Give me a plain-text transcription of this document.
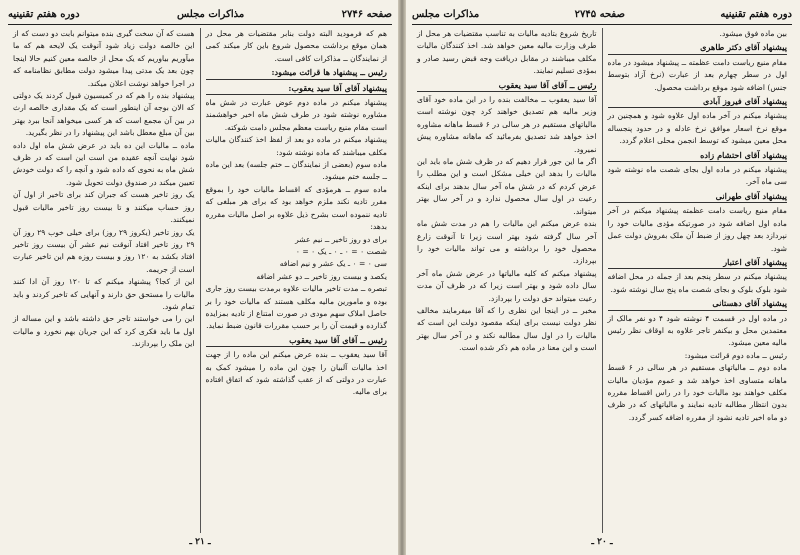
صفحه ۲۷۴۶
مذاکرات مجلس
دوره هفتم تقنینیه

هم که فرمودید البته دولت بنابر مقتضیات هر محل در همان موقع برداشت محصول شروع باین کار میکند کمی از نمایندگان ــ مذاکرات کافی است.

رئیس ــ پیشنهاد ها قرائت میشود:
پیشنهاد آقای آقا سید یعقوب:

پیشنهاد میکنم در ماده دوم عوض عبارت در شش ماه مشاوره نوشته شود در طرف شش ماه اخیر خواهشمند است مقام منیع ریاست معظم مجلس دامت شوکته.

پیشنهاد میکنم در ماده دو بعد از لفظ اخذ کنندگان مالیات مکلف میباشند که ماده نوشته شود:

ماده سوم (بعضی از نمایندگان ــ ختم جلسه) بعد این ماده ــ جلسه ختم میشود.

ماده سوم ــ هرمؤدی که اقساط مالیات خود را بموقع مقرر تادیه نکند ملزم خواهد بود که برای هر مبلغی که تادیه ننموده است بشرح ذیل علاوه بر اصل مالیات مقرره بدهد:

برای دو روز تاخیر ــ نیم عشر

شصت ۰ = ۰ ـ ۰ ـ یک ۰ = ۰

سی ۰ = ۰ ـ یک عشر و نیم اضافه

یکصد و بیست روز تاخیر ــ دو عشر اضافه

تبصره ــ مدت تاخیر مالیات علاوه برمدت بیست روز جاری بوده و مامورین مالیه مکلف هستند که مالیات خود را بر حاصل املاک سهم مودی در صورت امتناع از تادیه بمزایده گذارده و قیمت آن را بر حسب مقررات قانون ضبط نماید.

رئیس ــ آقای آقا سید یعقوب

آقا سید یعقوب ــ بنده عرض میکنم این ماده را از جهت اخذ مالیات آلبیان را چون این ماده را میشود کمک به عبارت در دولتی که از عقب گذاشته شود که اتفاق افتاده برای مالیه.

هست که آن سخت گیری بنده میتوانم بابت دو دست که از این خالصه دولت زیاد شود آنوقت یک لایحه هم که ما میآوریم بیاوریم که یک محل از خالصه معین کنیم حالا اینجا چون بعد یک مدتی پیدا میشود دولت مطابق نظامنامه که در اجرا خواهد نوشت اعلان میکند.

پیشنهاد بنده را هم که در کمیسیون قبول کردند یک دولتی که الان بوجه آن اینطور است که یک مقداری خالصه ارث در بین آن مجمع است که هر کسی میخواهد آنجا ببرد بهتر بین آن مبلغ معطل باشد این پیشنهاد را در نظر بگیرید.

ماده ــ مالیات این ده باید در عرض شش ماه اول داده شود نهایت آنچه عقیده من است این است که در ظرف شش ماه به نحوی که داده شود و آنچه را که دولت خودش تعیین میکند در صندوق دولت تحویل شود.

یک روز تاخیر هست که جبران کند برای تاخیر از اول آن روز حساب میکنند و تا بیست روز تاخیر مالیات قبول نمیکنند.

یک روز تاخیر (یکروز ۲۹ روز) برای خیلی خوب ۲۹ روز آن ۲۹ روز تاخیر افتاد آنوقت نیم عشر آن بیست روز تاخیر افتاد بکشد به ۱۲۰ روز و بیست روزه هم این تاخیر عبارت است از جریمه.

این از کجا؟ پیشنهاد میکنم که تا ۱۲۰ روز آن ادا کنند مالیات را مستحق حق دارند و آنهایی که تاخیر کردند و باید تمام شود.

این را می خواستند تاجر حق داشته باشد و این مساله از اول ما باید فکری کرد که این جریان بهم نخورد و مالیات این ملک را بپردازند.

ـ ۲۱ ـ
دوره هفتم تقنینیه
صفحه ۲۷۴۵
مذاکرات مجلس

بین ماده فوق میشود.

پیشنهاد آقای دکتر طاهری

مقام منیع ریاست دامت عظمته ــ پیشنهاد میشود در ماده اول در سطر چهارم بعد از عبارت (نرخ آزاد بتوسط جنس) اضافه شود موقع برداشت محصول.

پیشنهاد آقای فیروز آبادی

پیشنهاد میکنم در آخر ماده اول علاوه شود و همچنین در موقع نرخ اسعار موافق نرخ عادله و در حدود پنجساله محل معین میشود که توسط انجمن محلی اعلام گردد.

پیشنهاد آقای احتشام زاده

پیشنهاد میکنم در ماده اول بجای شصت ماه نوشته شود سی ماه آخر.

پیشنهاد آقای طهرانی

مقام منیع ریاست دامت عظمته پیشنهاد میکنم در آخر ماده اول اضافه شود در صورتیکه مؤدی مالیات خود را نپردازد بعد چهل روز از ضبط آن ملک بفروش دولت عمل شود.

پیشنهاد آقای اعتبار

پیشنهاد میکنم در سطر پنجم بعد از جمله در محل اضافه شود بلوک بلوک و بجای شصت ماه پنج سال نوشته شود.

پیشنهاد آقای دهستانی

در ماده اول در قسمت ۴ نوشته شود ۴ دو نفر مالک از معتمدین محل و بیکنفر تاجر علاوه به اوقاف نظر رئیس مالیه معین میشود.

رئیس ــ ماده دوم قرائت میشود:

ماده دوم ــ مالیاتهای مستقیم در هر سالی در ۶ قسط ماهانه متساوی اخذ خواهد شد و عموم مؤدیان مالیات مکلف خواهند بود مالیات خود را در راس اقساط مقرره بدون انتظار مطالبه تادیه نمایند و مالیاتهای که در ظرف دو ماه اخیر تادیه نشود از مقرره اضافه کسر گردد.

تاریخ شروع بتادیه مالیات به تناسب مقتضیات هر محل از طرف وزارت مالیه معین خواهد شد. اخذ کنندگان مالیات مکلف میباشند در مقابل دریافت وجه قبض رسید صادر و بمؤدی تسلیم نمایند.

رئیس ــ آقای آقا سید یعقوب

آقا سید یعقوب ــ مخالفت بنده را در این ماده خود آقای وزیر مالیه هم تصدیق خواهند کرد چون نوشته است مالیاتهای مستقیم در هر سالی در ۶ قسط ماهانه مشاوره اخذ خواهد شد تصدیق بفرمائید که ماهانه مشاوره پیش نمیرود.

اگر ما این جور قرار دهیم که در ظرف شش ماه باید این مالیات را بدهد این خیلی مشکل است و این مطلب را عرض کردم که در شش ماه آخر سال بدهند برای اینکه رعیت در اول سال محصول ندارد و در آخر سال بهتر میتواند.

بنده عرض میکنم این مالیات را هم در مدت شش ماه آخر سال گرفته شود بهتر است زیرا تا آنوقت زارع محصول خود را برداشته و می تواند مالیات خود را بپردازد.

پیشنهاد میکنم که کلیه مالیاتها در عرض شش ماه آخر سال داده شود و بهتر است زیرا که در ظرف آن مدت رعیت میتواند حق دولت را بپردازد.

مخبر ــ در اینجا این نظری را که آقا میفرمایند مخالف نظر دولت نیست برای اینکه مقصود دولت این است که مالیات را در اول سال مطالبه نکند و در آخر سال بهتر است و این معنا در ماده هم ذکر شده است.

ـ ۲۰ ـ
